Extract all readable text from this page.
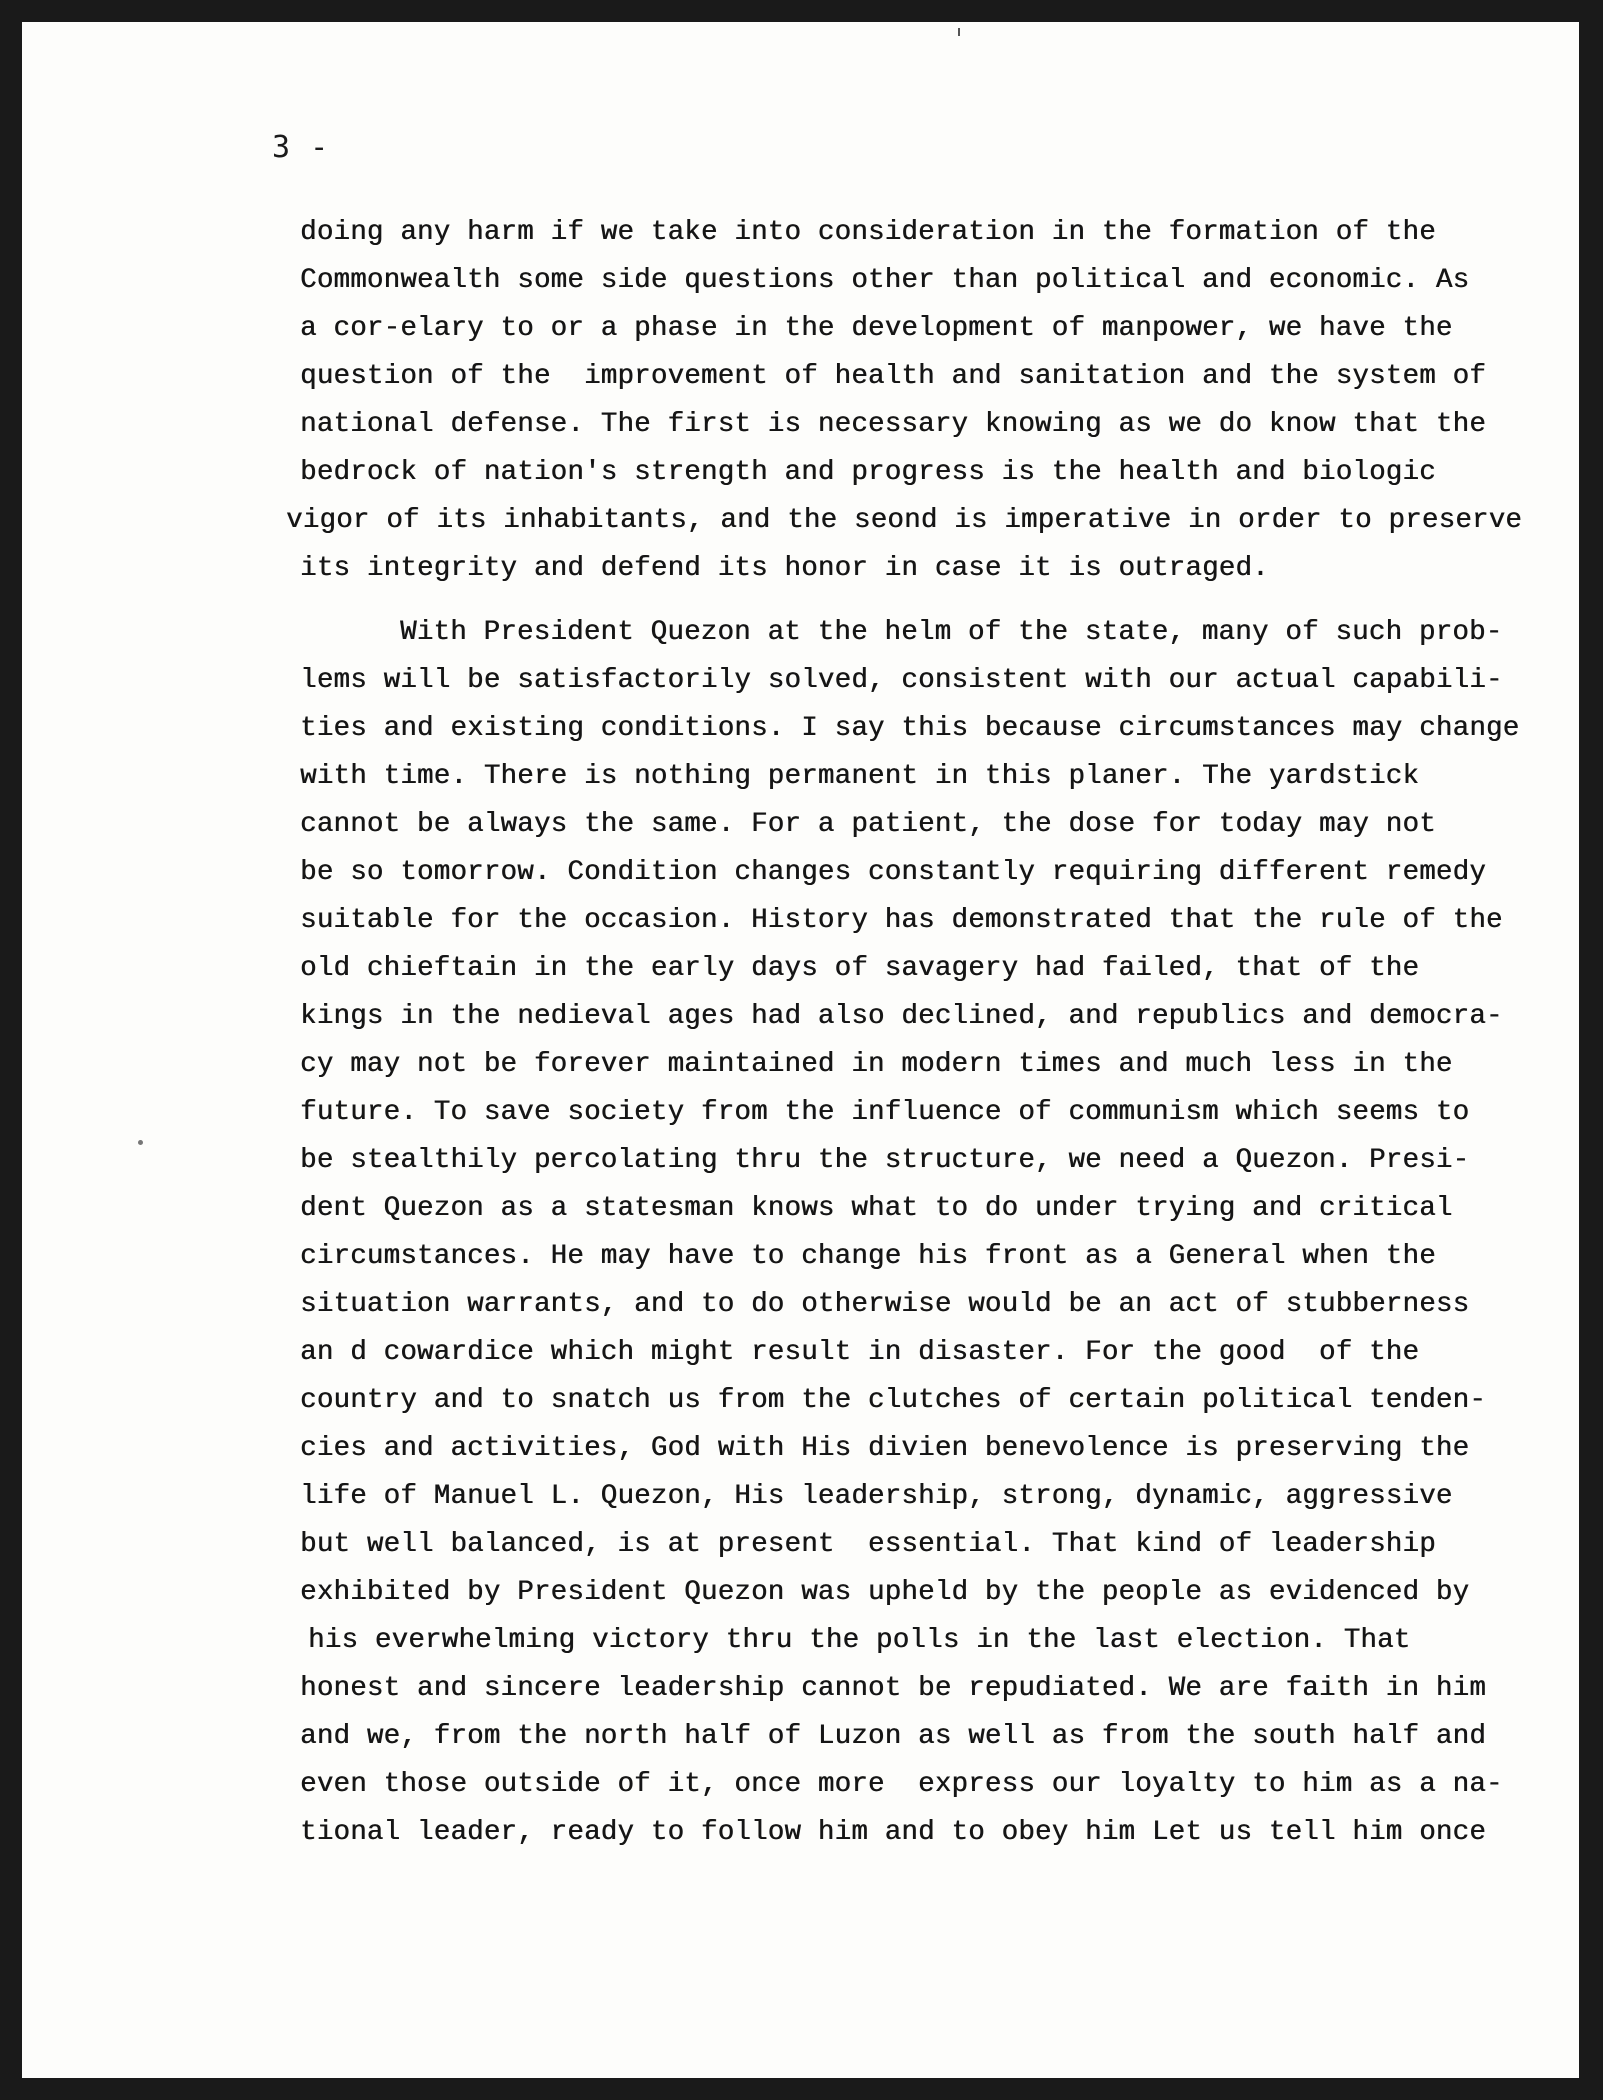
3 -
doing any harm if we take into consideration in the formation of the
Commonwealth some side questions other than political and economic. As
a cor-elary to or a phase in the development of manpower, we have the
question of the  improvement of health and sanitation and the system of
national defense. The first is necessary knowing as we do know that the
bedrock of nation's strength and progress is the health and biologic
vigor of its inhabitants, and the seond is imperative in order to preserve
its integrity and defend its honor in case it is outraged.
With President Quezon at the helm of the state, many of such prob-
lems will be satisfactorily solved, consistent with our actual capabili-
ties and existing conditions. I say this because circumstances may change
with time. There is nothing permanent in this planer. The yardstick
cannot be always the same. For a patient, the dose for today may not
be so tomorrow. Condition changes constantly requiring different remedy
suitable for the occasion. History has demonstrated that the rule of the
old chieftain in the early days of savagery had failed, that of the
kings in the nedieval ages had also declined, and republics and democra-
cy may not be forever maintained in modern times and much less in the
future. To save society from the influence of communism which seems to
be stealthily percolating thru the structure, we need a Quezon. Presi-
dent Quezon as a statesman knows what to do under trying and critical
circumstances. He may have to change his front as a General when the
situation warrants, and to do otherwise would be an act of stubberness
an d cowardice which might result in disaster. For the good  of the
country and to snatch us from the clutches of certain political tenden-
cies and activities, God with His divien benevolence is preserving the
life of Manuel L. Quezon, His leadership, strong, dynamic, aggressive
but well balanced, is at present  essential. That kind of leadership
exhibited by President Quezon was upheld by the people as evidenced by
his everwhelming victory thru the polls in the last election. That
honest and sincere leadership cannot be repudiated. We are faith in him
and we, from the north half of Luzon as well as from the south half and
even those outside of it, once more  express our loyalty to him as a na-
tional leader, ready to follow him and to obey him Let us tell him once
